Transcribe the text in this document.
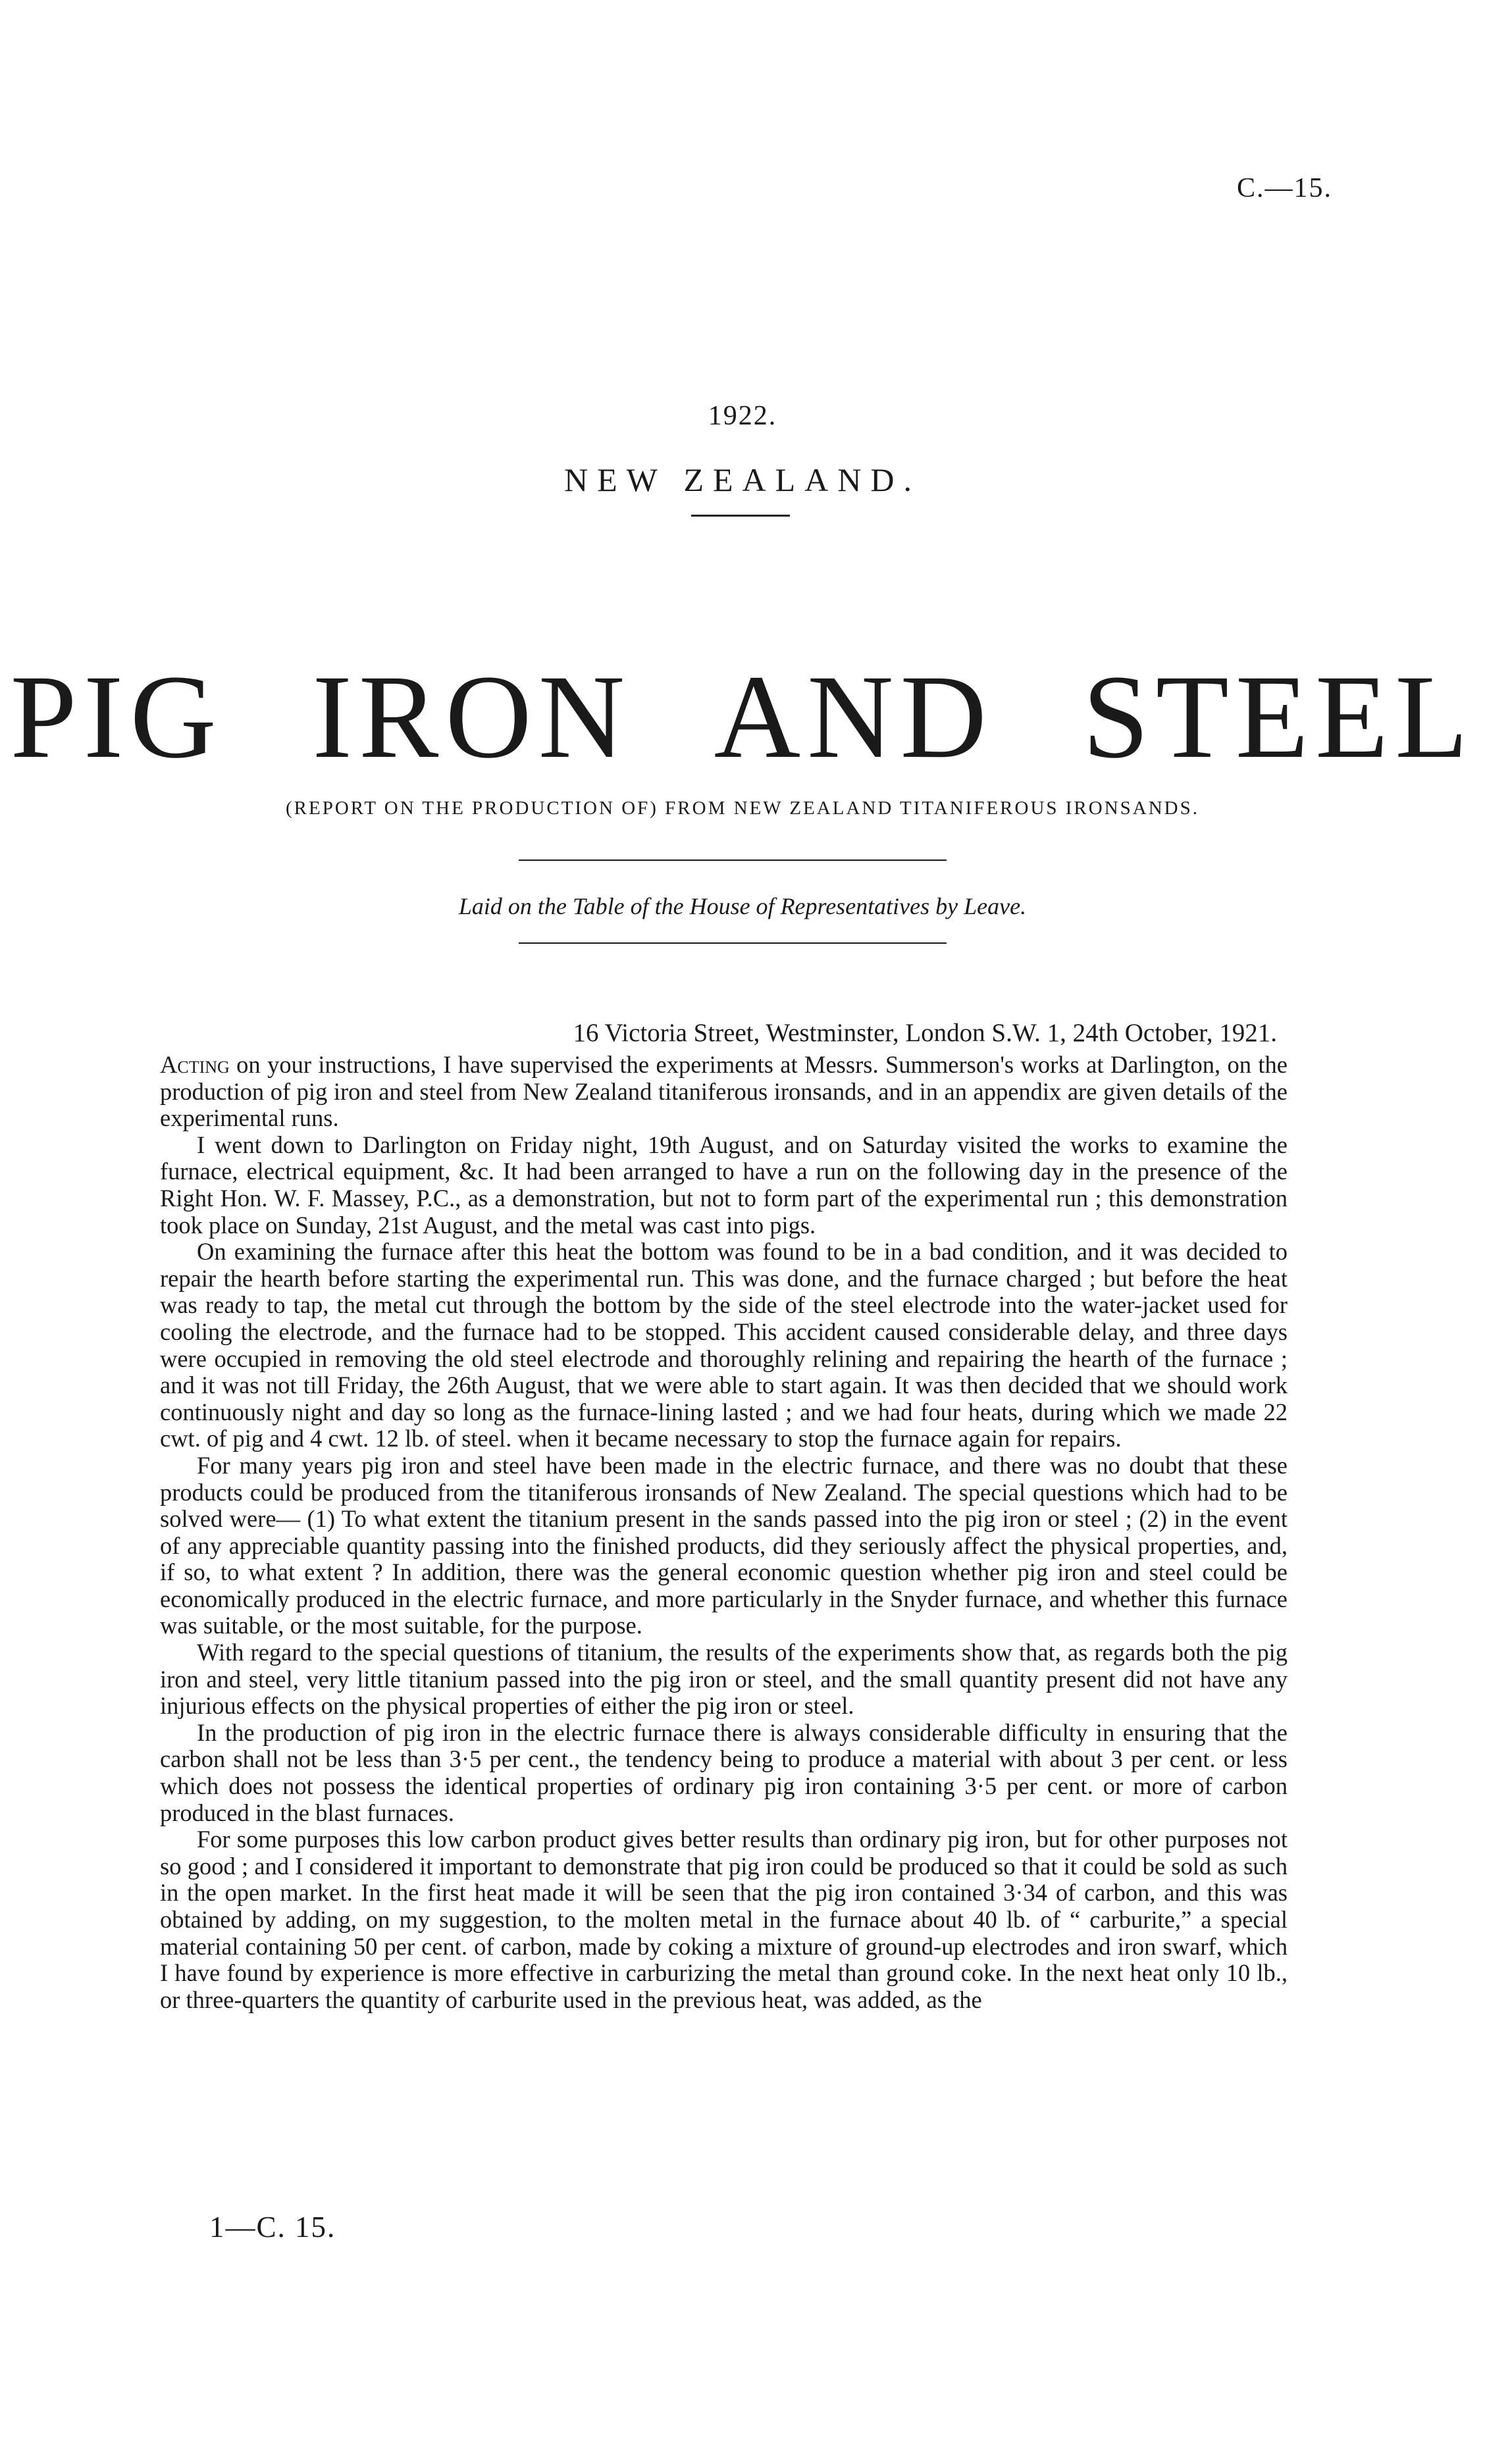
C.—15.
1922.
NEW ZEALAND.
PIG IRON AND STEEL
(REPORT ON THE PRODUCTION OF) FROM NEW ZEALAND TITANIFEROUS IRONSANDS.
Laid on the Table of the House of Representatives by Leave.
16 Victoria Street, Westminster, London S.W. 1, 24th October, 1921.

Acting on your instructions, I have supervised the experiments at Messrs. Summerson's works at Darlington, on the production of pig iron and steel from New Zealand titaniferous ironsands, and in an appendix are given details of the experimental runs.

I went down to Darlington on Friday night, 19th August, and on Saturday visited the works to examine the furnace, electrical equipment, &c. It had been arranged to have a run on the following day in the presence of the Right Hon. W. F. Massey, P.C., as a demonstration, but not to form part of the experimental run ; this demonstration took place on Sunday, 21st August, and the metal was cast into pigs.

On examining the furnace after this heat the bottom was found to be in a bad condition, and it was decided to repair the hearth before starting the experimental run. This was done, and the furnace charged ; but before the heat was ready to tap, the metal cut through the bottom by the side of the steel electrode into the water-jacket used for cooling the electrode, and the furnace had to be stopped. This accident caused considerable delay, and three days were occupied in removing the old steel electrode and thoroughly relining and repairing the hearth of the furnace ; and it was not till Friday, the 26th August, that we were able to start again. It was then decided that we should work continuously night and day so long as the furnace-lining lasted ; and we had four heats, during which we made 22 cwt. of pig and 4 cwt. 12 lb. of steel. when it became necessary to stop the furnace again for repairs.

For many years pig iron and steel have been made in the electric furnace, and there was no doubt that these products could be produced from the titaniferous ironsands of New Zealand. The special questions which had to be solved were— (1) To what extent the titanium present in the sands passed into the pig iron or steel ; (2) in the event of any appreciable quantity passing into the finished products, did they seriously affect the physical properties, and, if so, to what extent ? In addition, there was the general economic question whether pig iron and steel could be economically produced in the electric furnace, and more particularly in the Snyder furnace, and whether this furnace was suitable, or the most suitable, for the purpose.

With regard to the special questions of titanium, the results of the experiments show that, as regards both the pig iron and steel, very little titanium passed into the pig iron or steel, and the small quantity present did not have any injurious effects on the physical properties of either the pig iron or steel.

In the production of pig iron in the electric furnace there is always considerable difficulty in ensuring that the carbon shall not be less than 3·5 per cent., the tendency being to produce a material with about 3 per cent. or less which does not possess the identical properties of ordinary pig iron containing 3·5 per cent. or more of carbon produced in the blast furnaces.

For some purposes this low carbon product gives better results than ordinary pig iron, but for other purposes not so good ; and I considered it important to demonstrate that pig iron could be produced so that it could be sold as such in the open market. In the first heat made it will be seen that the pig iron contained 3·34 of carbon, and this was obtained by adding, on my suggestion, to the molten metal in the furnace about 40 lb. of “ carburite,” a special material containing 50 per cent. of carbon, made by coking a mixture of ground-up electrodes and iron swarf, which I have found by experience is more effective in carburizing the metal than ground coke. In the next heat only 10 lb., or three-quarters the quantity of carburite used in the previous heat, was added, as the

1—C. 15.
